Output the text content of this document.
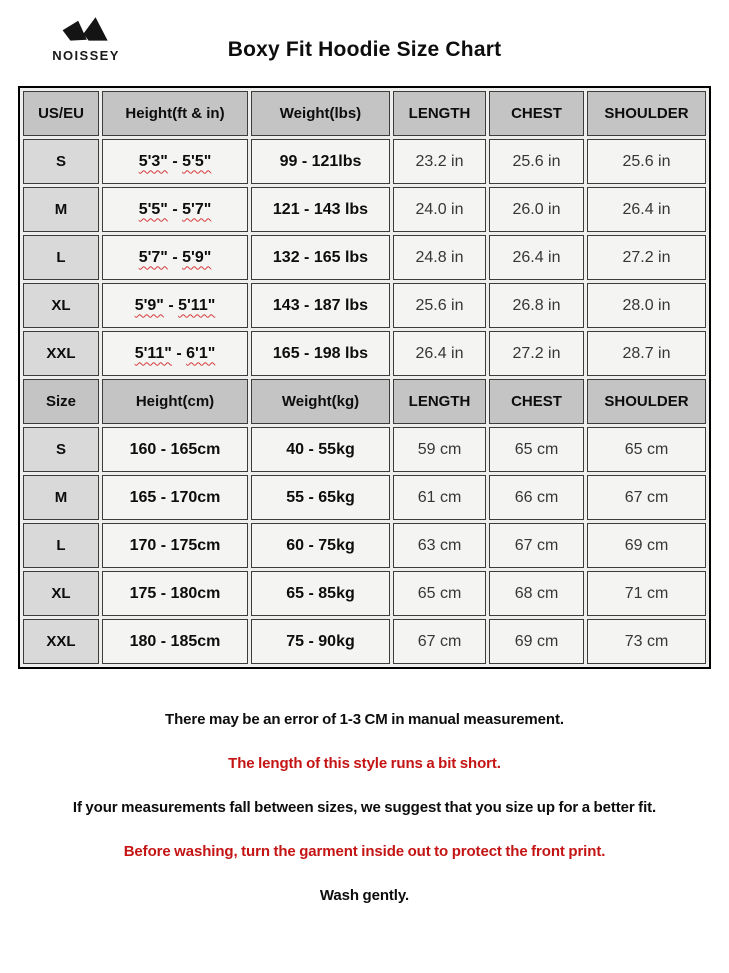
NOISSEY	Boxy Fit Hoodie Size Chart
US/EU	Height(ft & in)	Weight(lbs)	LENGTH	CHEST	SHOULDER
S	5'3" - 5'5"	99 - 121lbs	23.2 in	25.6 in	25.6 in
M	5'5" - 5'7"	121 - 143 lbs	24.0 in	26.0 in	26.4 in
L	5'7" - 5'9"	132 - 165 lbs	24.8 in	26.4 in	27.2 in
XL	5'9" - 5'11"	143 - 187 lbs	25.6 in	26.8 in	28.0 in
XXL	5'11" - 6'1"	165 - 198 lbs	26.4 in	27.2 in	28.7 in
Size	Height(cm)	Weight(kg)	LENGTH	CHEST	SHOULDER
S	160 - 165cm	40 - 55kg	59 cm	65 cm	65 cm
M	165 - 170cm	55 - 65kg	61 cm	66 cm	67 cm
L	170 - 175cm	60 - 75kg	63 cm	67 cm	69 cm
XL	175 - 180cm	65 - 85kg	65 cm	68 cm	71 cm
XXL	180 - 185cm	75 - 90kg	67 cm	69 cm	73 cm

There may be an error of 1-3 CM in manual measurement.

The length of this style runs a bit short.

If your measurements fall between sizes, we suggest that you size up for a better fit.

Before washing, turn the garment inside out to protect the front print.

Wash gently.
